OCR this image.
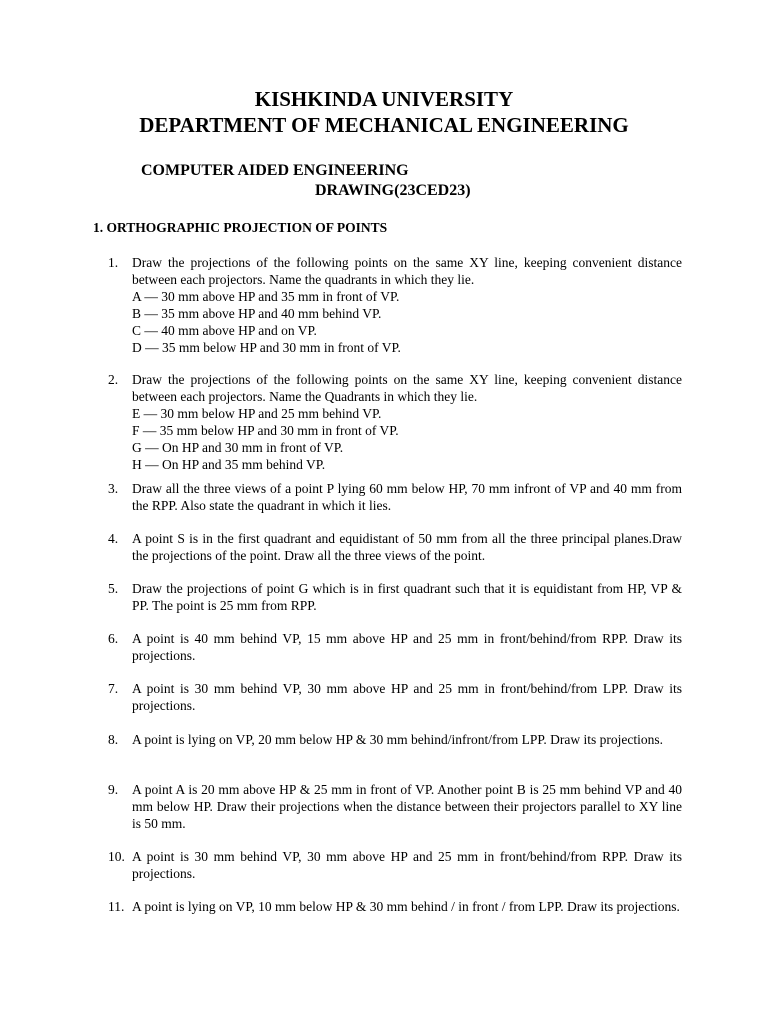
KISHKINDA UNIVERSITY
DEPARTMENT OF MECHANICAL ENGINEERING
COMPUTER AIDED ENGINEERING
DRAWING(23CED23)
1. ORTHOGRAPHIC PROJECTION OF POINTS
1.	Draw the projections of the following points on the same XY line, keeping convenient distance between each projectors. Name the quadrants in which they lie.

A — 30 mm above HP and 35 mm in front of VP.
B — 35 mm above HP and 40 mm behind VP.
C — 40 mm above HP and on VP.
D — 35 mm below HP and 30 mm in front of VP.
2.	Draw the projections of the following points on the same XY line, keeping convenient distance between each projectors. Name the Quadrants in which they lie.

E — 30 mm below HP and 25 mm behind VP.
F — 35 mm below HP and 30 mm in front of VP.
G — On HP and 30 mm in front of VP.
H — On HP and 35 mm behind VP.
3.	Draw all the three views of a point P lying 60 mm below HP, 70 mm infront of VP and 40 mm from the RPP. Also state the quadrant in which it lies.

4.	A point S is in the first quadrant and equidistant of 50 mm from all the three principal planes.Draw the projections of the point. Draw all the three views of the point.

5.	Draw the projections of point G which is in first quadrant such that it is equidistant from HP, VP & PP. The point is 25 mm from RPP.

6.	A point is 40 mm behind VP, 15 mm above HP and 25 mm in front/behind/from RPP. Draw its projections.

7.	A point is 30 mm behind VP, 30 mm above HP and 25 mm in front/behind/from LPP. Draw its projections.

8.	A point is lying on VP, 20 mm below HP & 30 mm behind/infront/from LPP. Draw its projections.

9.	A point A is 20 mm above HP & 25 mm in front of VP. Another point B is 25 mm behind VP and 40 mm below HP. Draw their projections when the distance between their projectors parallel to XY line is 50 mm.

10. A point is 30 mm behind VP, 30 mm above HP and 25 mm in front/behind/from RPP. Draw its projections.

11. A point is lying on VP, 10 mm below HP & 30 mm behind / in front / from LPP. Draw its projections.
